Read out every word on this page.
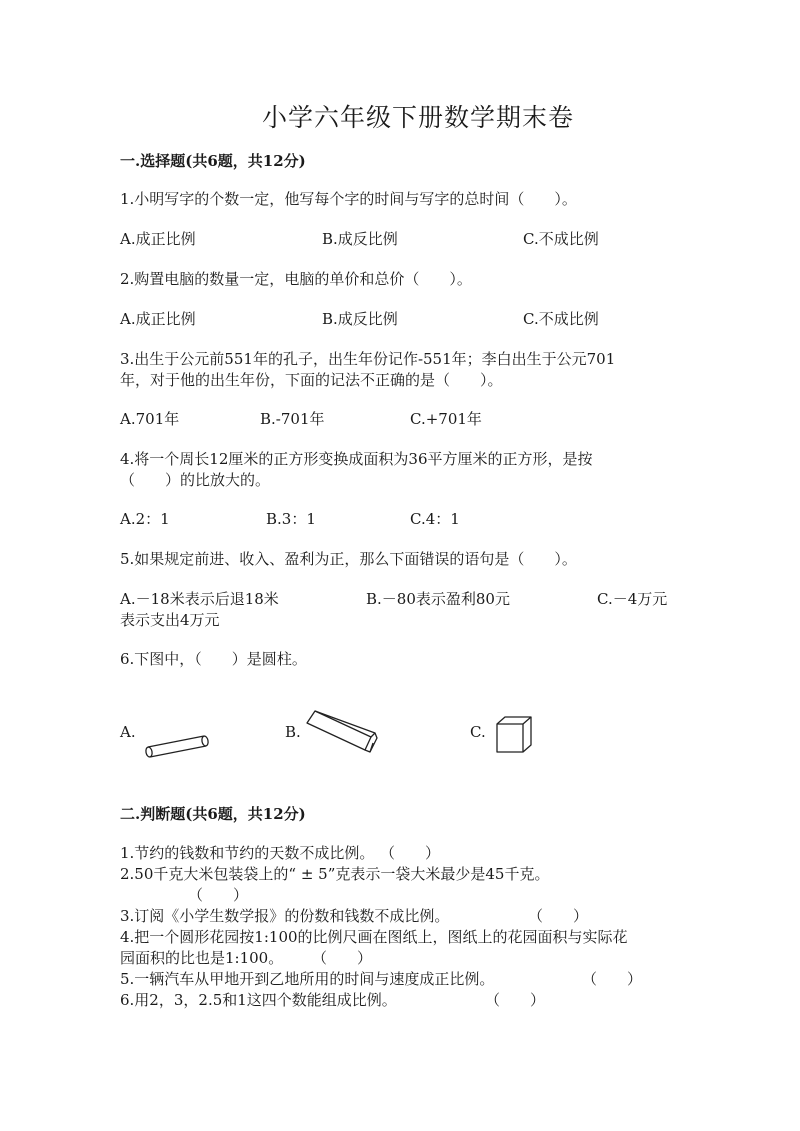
小学六年级下册数学期末卷
一.选择题(共6题，共12分)
1.小明写字的个数一定，他写每个字的时间与写字的总时间（　　）。
A.成正比例	B.成反比例	C.不成比例
2.购置电脑的数量一定，电脑的单价和总价（　　）。
A.成正比例	B.成反比例	C.不成比例
3.出生于公元前551年的孔子，出生年份记作-551年；李白出生于公元701
年，对于他的出生年份，下面的记法不正确的是（　　）。
A.701年	B.-701年	C.+701年
4.将一个周长12厘米的正方形变换成面积为36平方厘米的正方形，是按
（　　）的比放大的。
A.2：1	B.3：1	C.4：1
5.如果规定前进、收入、盈利为正，那么下面错误的语句是（　　）。
A.－18米表示后退18米	B.－80表示盈利80元	C.－4万元
表示支出4万元
6.下图中，（　　）是圆柱。
A.	B.	C.
二.判断题(共6题，共12分)
1.节约的钱数和节约的天数不成比例。 （　　）
2.50千克大米包装袋上的“ ± 5”克表示一袋大米最少是45千克。
（　　）
3.订阅《小学生数学报》的份数和钱数不成比例。	（　　）
4.把一个圆形花园按1:100的比例尺画在图纸上，图纸上的花园面积与实际花
园面积的比也是1:100。 （　　）
5.一辆汽车从甲地开到乙地所用的时间与速度成正比例。	（　　）
6.用2，3，2.5和1这四个数能组成比例。	（　　）
